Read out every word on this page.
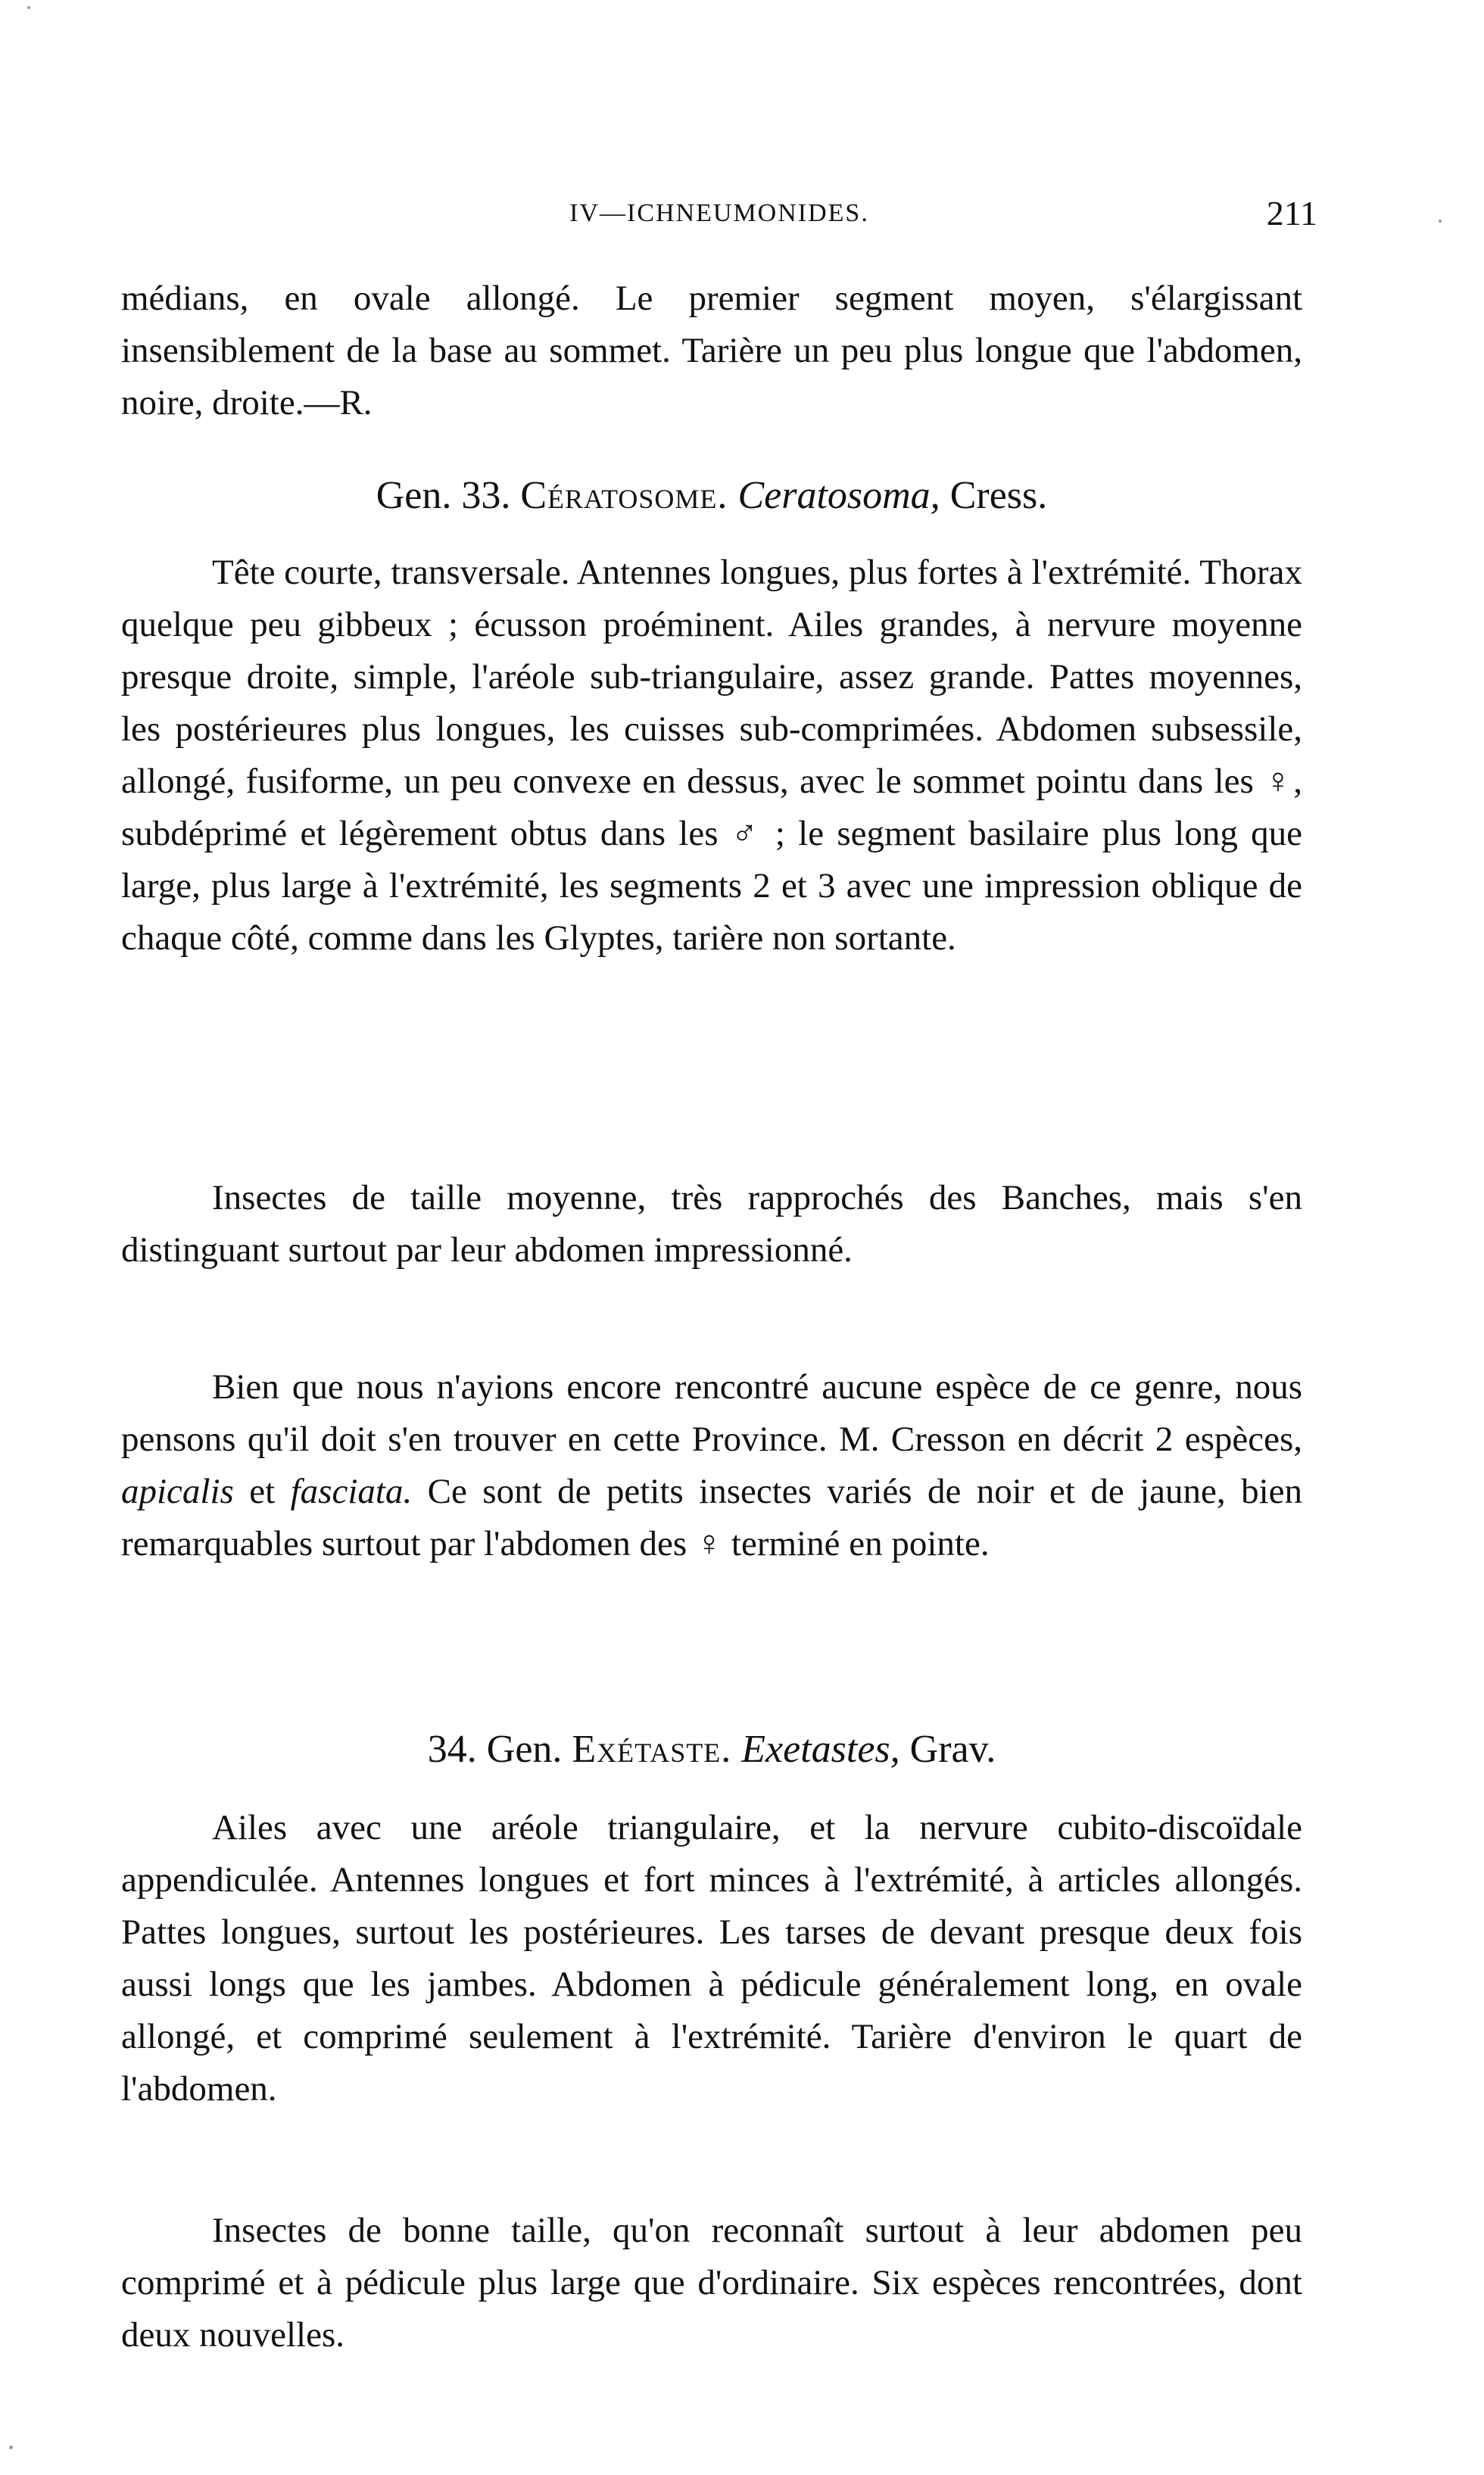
IV—ICHNEUMONIDES.	211

médians, en ovale allongé. Le premier segment moyen, s'élargissant insensiblement de la base au sommet. Tarière un peu plus longue que l'abdomen, noire, droite.—R.

Gen. 33. Cératosome. Ceratosoma, Cress.

Tête courte, transversale. Antennes longues, plus fortes à l'extrémité. Thorax quelque peu gibbeux ; écusson proéminent. Ailes grandes, à nervure moyenne presque droite, simple, l'aréole sub-triangulaire, assez grande. Pattes moyennes, les postérieures plus longues, les cuisses sub-comprimées. Abdomen subsessile, allongé, fusiforme, un peu convexe en dessus, avec le sommet pointu dans les ♀, subdéprimé et légèrement obtus dans les ♂ ; le segment basilaire plus long que large, plus large à l'extrémité, les segments 2 et 3 avec une impression oblique de chaque côté, comme dans les Glyptes, tarière non sortante.

Insectes de taille moyenne, très rapprochés des Banches, mais s'en distinguant surtout par leur abdomen impressionné.

Bien que nous n'ayions encore rencontré aucune espèce de ce genre, nous pensons qu'il doit s'en trouver en cette Province. M. Cresson en décrit 2 espèces, apicalis et fasciata. Ce sont de petits insectes variés de noir et de jaune, bien remarquables surtout par l'abdomen des ♀ terminé en pointe.

34. Gen. Exétaste. Exetastes, Grav.

Ailes avec une aréole triangulaire, et la nervure cubito-discoïdale appendiculée. Antennes longues et fort minces à l'extrémité, à articles allongés. Pattes longues, surtout les postérieures. Les tarses de devant presque deux fois aussi longs que les jambes. Abdomen à pédicule généralement long, en ovale allongé, et comprimé seulement à l'extrémité. Tarière d'environ le quart de l'abdomen.

Insectes de bonne taille, qu'on reconnaît surtout à leur abdomen peu comprimé et à pédicule plus large que d'ordinaire. Six espèces rencontrées, dont deux nouvelles.
